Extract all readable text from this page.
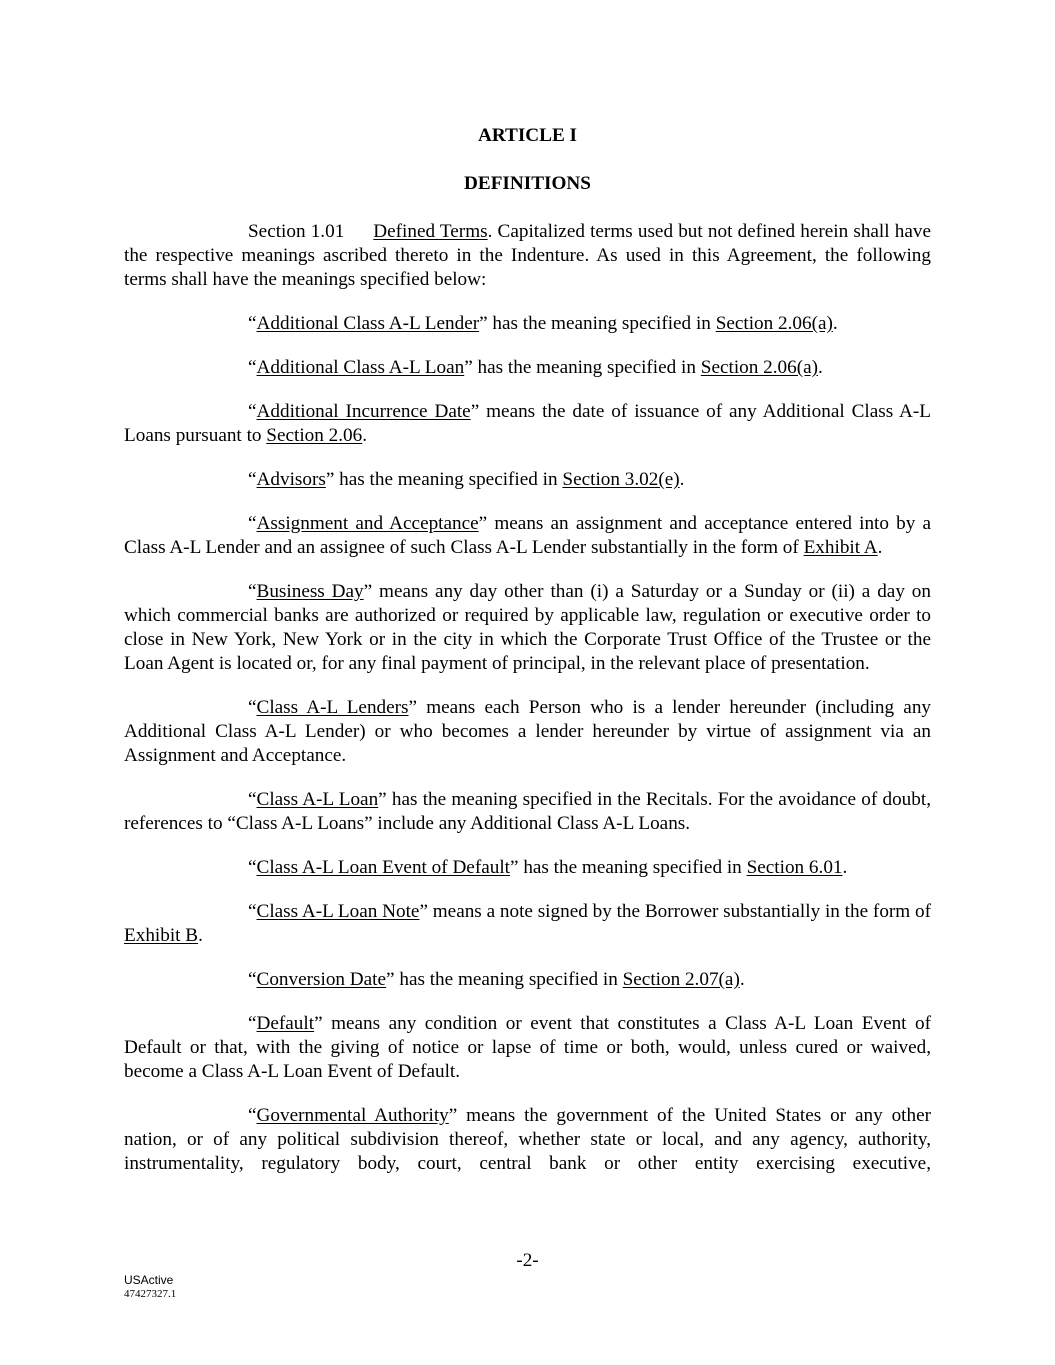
ARTICLE I
DEFINITIONS

Section 1.01 Defined Terms. Capitalized terms used but not defined herein shall have the respective meanings ascribed thereto in the Indenture. As used in this Agreement, the following terms shall have the meanings specified below:

“Additional Class A-L Lender” has the meaning specified in Section 2.06(a).

“Additional Class A-L Loan” has the meaning specified in Section 2.06(a).

“Additional Incurrence Date” means the date of issuance of any Additional Class A-L Loans pursuant to Section 2.06.

“Advisors” has the meaning specified in Section 3.02(e).

“Assignment and Acceptance” means an assignment and acceptance entered into by a Class A-L Lender and an assignee of such Class A-L Lender substantially in the form of Exhibit A.

“Business Day” means any day other than (i) a Saturday or a Sunday or (ii) a day on which commercial banks are authorized or required by applicable law, regulation or executive order to close in New York, New York or in the city in which the Corporate Trust Office of the Trustee or the Loan Agent is located or, for any final payment of principal, in the relevant place of presentation.

“Class A-L Lenders” means each Person who is a lender hereunder (including any Additional Class A-L Lender) or who becomes a lender hereunder by virtue of assignment via an Assignment and Acceptance.

“Class A-L Loan” has the meaning specified in the Recitals. For the avoidance of doubt, references to “Class A-L Loans” include any Additional Class A-L Loans.

“Class A-L Loan Event of Default” has the meaning specified in Section 6.01.

“Class A-L Loan Note” means a note signed by the Borrower substantially in the form of Exhibit B.

“Conversion Date” has the meaning specified in Section 2.07(a).

“Default” means any condition or event that constitutes a Class A-L Loan Event of Default or that, with the giving of notice or lapse of time or both, would, unless cured or waived, become a Class A-L Loan Event of Default.

“Governmental Authority” means the government of the United States or any other nation, or of any political subdivision thereof, whether state or local, and any agency, authority, instrumentality, regulatory body, court, central bank or other entity exercising executive,

-2-
USActive
47427327.1
